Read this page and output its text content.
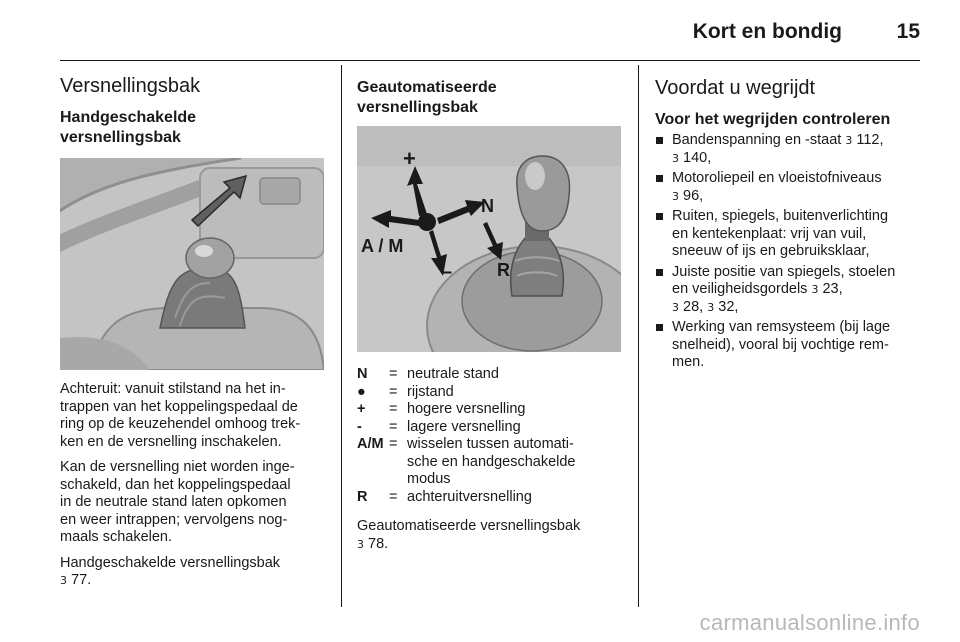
Kort en bondig	15
Versnellingsbak
Handgeschakelde
versnellingsbak

Achteruit: vanuit stilstand na het in-
trappen van het koppelingspedaal de
ring op de keuzehendel omhoog trek-
ken en de versnelling inschakelen.

Kan de versnelling niet worden inge-
schakeld, dan het koppelingspedaal
in de neutrale stand laten opkomen
en weer intrappen; vervolgens nog-
maals schakelen.

Handgeschakelde versnellingsbak
3 77.

Geautomatiseerde
versnellingsbak
+
N
A / M
– R
N	=	neutrale stand
●	=	rijstand
+	=	hogere versnelling
-	=	lagere versnelling
A/M	=	wisselen tussen automati-
sche en handgeschakelde
modus
R	=	achteruitversnelling

Geautomatiseerde versnellingsbak
3 78.

Voordat u wegrijdt
Voor het wegrijden controleren
Bandenspanning en -staat 3 112,
3 140,
Motoroliepeil en vloeistofniveaus
3 96,
Ruiten, spiegels, buitenverlichting
en kentekenplaat: vrij van vuil,
sneeuw of ijs en gebruiksklaar,
Juiste positie van spiegels, stoelen
en veiligheidsgordels 3 23,
3 28, 3 32,
Werking van remsysteem (bij lage
snelheid), vooral bij vochtige rem-
men.
carmanualsonline.info
